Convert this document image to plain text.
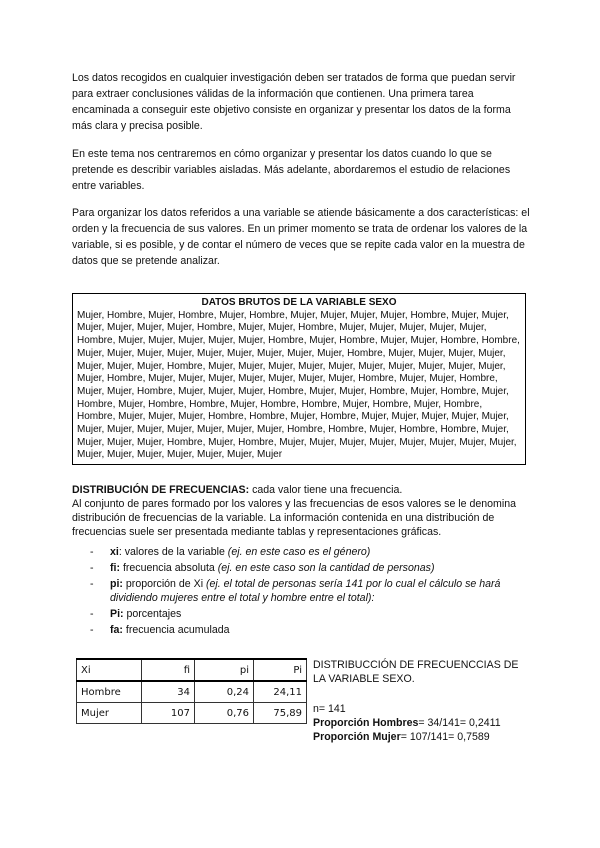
Los datos recogidos en cualquier investigación deben ser tratados de forma que puedan servir para extraer conclusiones válidas de la información que contienen. Una primera tarea encaminada a conseguir este objetivo consiste en organizar y presentar los datos de la forma más clara y precisa posible.

En este tema nos centraremos en cómo organizar y presentar los datos cuando lo que se pretende es describir variables aisladas. Más adelante, abordaremos el estudio de relaciones entre variables.

Para organizar los datos referidos a una variable se atiende básicamente a dos características: el orden y la frecuencia de sus valores. En un primer momento se trata de ordenar los valores de la variable, si es posible, y de contar el número de veces que se repite cada valor en la muestra de datos que se pretende analizar.

DATOS BRUTOS DE LA VARIABLE SEXO
Mujer, Hombre, Mujer, Hombre, Mujer, Hombre, Mujer, Mujer, Mujer, Mujer, Hombre, Mujer, Mujer, Mujer, Mujer, Mujer, Mujer, Hombre, Mujer, Mujer, Hombre, Mujer, Mujer, Mujer, Mujer, Mujer, Hombre, Mujer, Mujer, Mujer, Mujer, Mujer, Hombre, Mujer, Hombre, Mujer, Mujer, Hombre, Hombre, Mujer, Mujer, Mujer, Mujer, Mujer, Mujer, Mujer, Mujer, Mujer, Hombre, Mujer, Mujer, Mujer, Mujer, Mujer, Mujer, Mujer, Hombre, Mujer, Mujer, Mujer, Mujer, Mujer, Mujer, Mujer, Mujer, Mujer, Mujer, Mujer, Hombre, Mujer, Mujer, Mujer, Mujer, Mujer, Mujer, Mujer, Hombre, Mujer, Mujer, Hombre, Mujer, Mujer, Hombre, Mujer, Mujer, Mujer, Hombre, Mujer, Mujer, Hombre, Mujer, Hombre, Mujer, Hombre, Mujer, Hombre, Hombre, Mujer, Hombre, Hombre, Mujer, Hombre, Mujer, Hombre, Hombre, Mujer, Mujer, Mujer, Hombre, Hombre, Mujer, Hombre, Mujer, Mujer, Mujer, Mujer, Mujer, Mujer, Mujer, Mujer, Mujer, Mujer, Mujer, Mujer, Hombre, Hombre, Mujer, Hombre, Hombre, Mujer, Mujer, Mujer, Mujer, Hombre, Mujer, Hombre, Mujer, Mujer, Mujer, Mujer, Mujer, Mujer, Mujer, Mujer, Mujer, Mujer, Mujer, Mujer, Mujer, Mujer, Mujer
DISTRIBUCIÓN DE FRECUENCIAS: cada valor tiene una frecuencia.
Al conjunto de pares formado por los valores y las frecuencias de esos valores se le denomina distribución de frecuencias de la variable. La información contenida en una distribución de frecuencias suele ser presentada mediante tablas y representaciones gráficas.
- xi: valores de la variable (ej. en este caso es el género)
- fi: frecuencia absoluta (ej. en este caso son la cantidad de personas)
- pi: proporción de Xi (ej. el total de personas sería 141 por lo cual el cálculo se hará dividiendo mujeres entre el total y hombre entre el total):
- Pi: porcentajes
- fa: frecuencia acumulada
Xi	fi	pi	Pi
Hombre	34	0,24	24,11
Mujer	107	0,76	75,89
DISTRIBUCCIÓN DE FRECUENCCIAS DE LA VARIABLE SEXO.
n= 141
Proporción Hombres= 34/141= 0,2411
Proporción Mujer= 107/141= 0,7589
